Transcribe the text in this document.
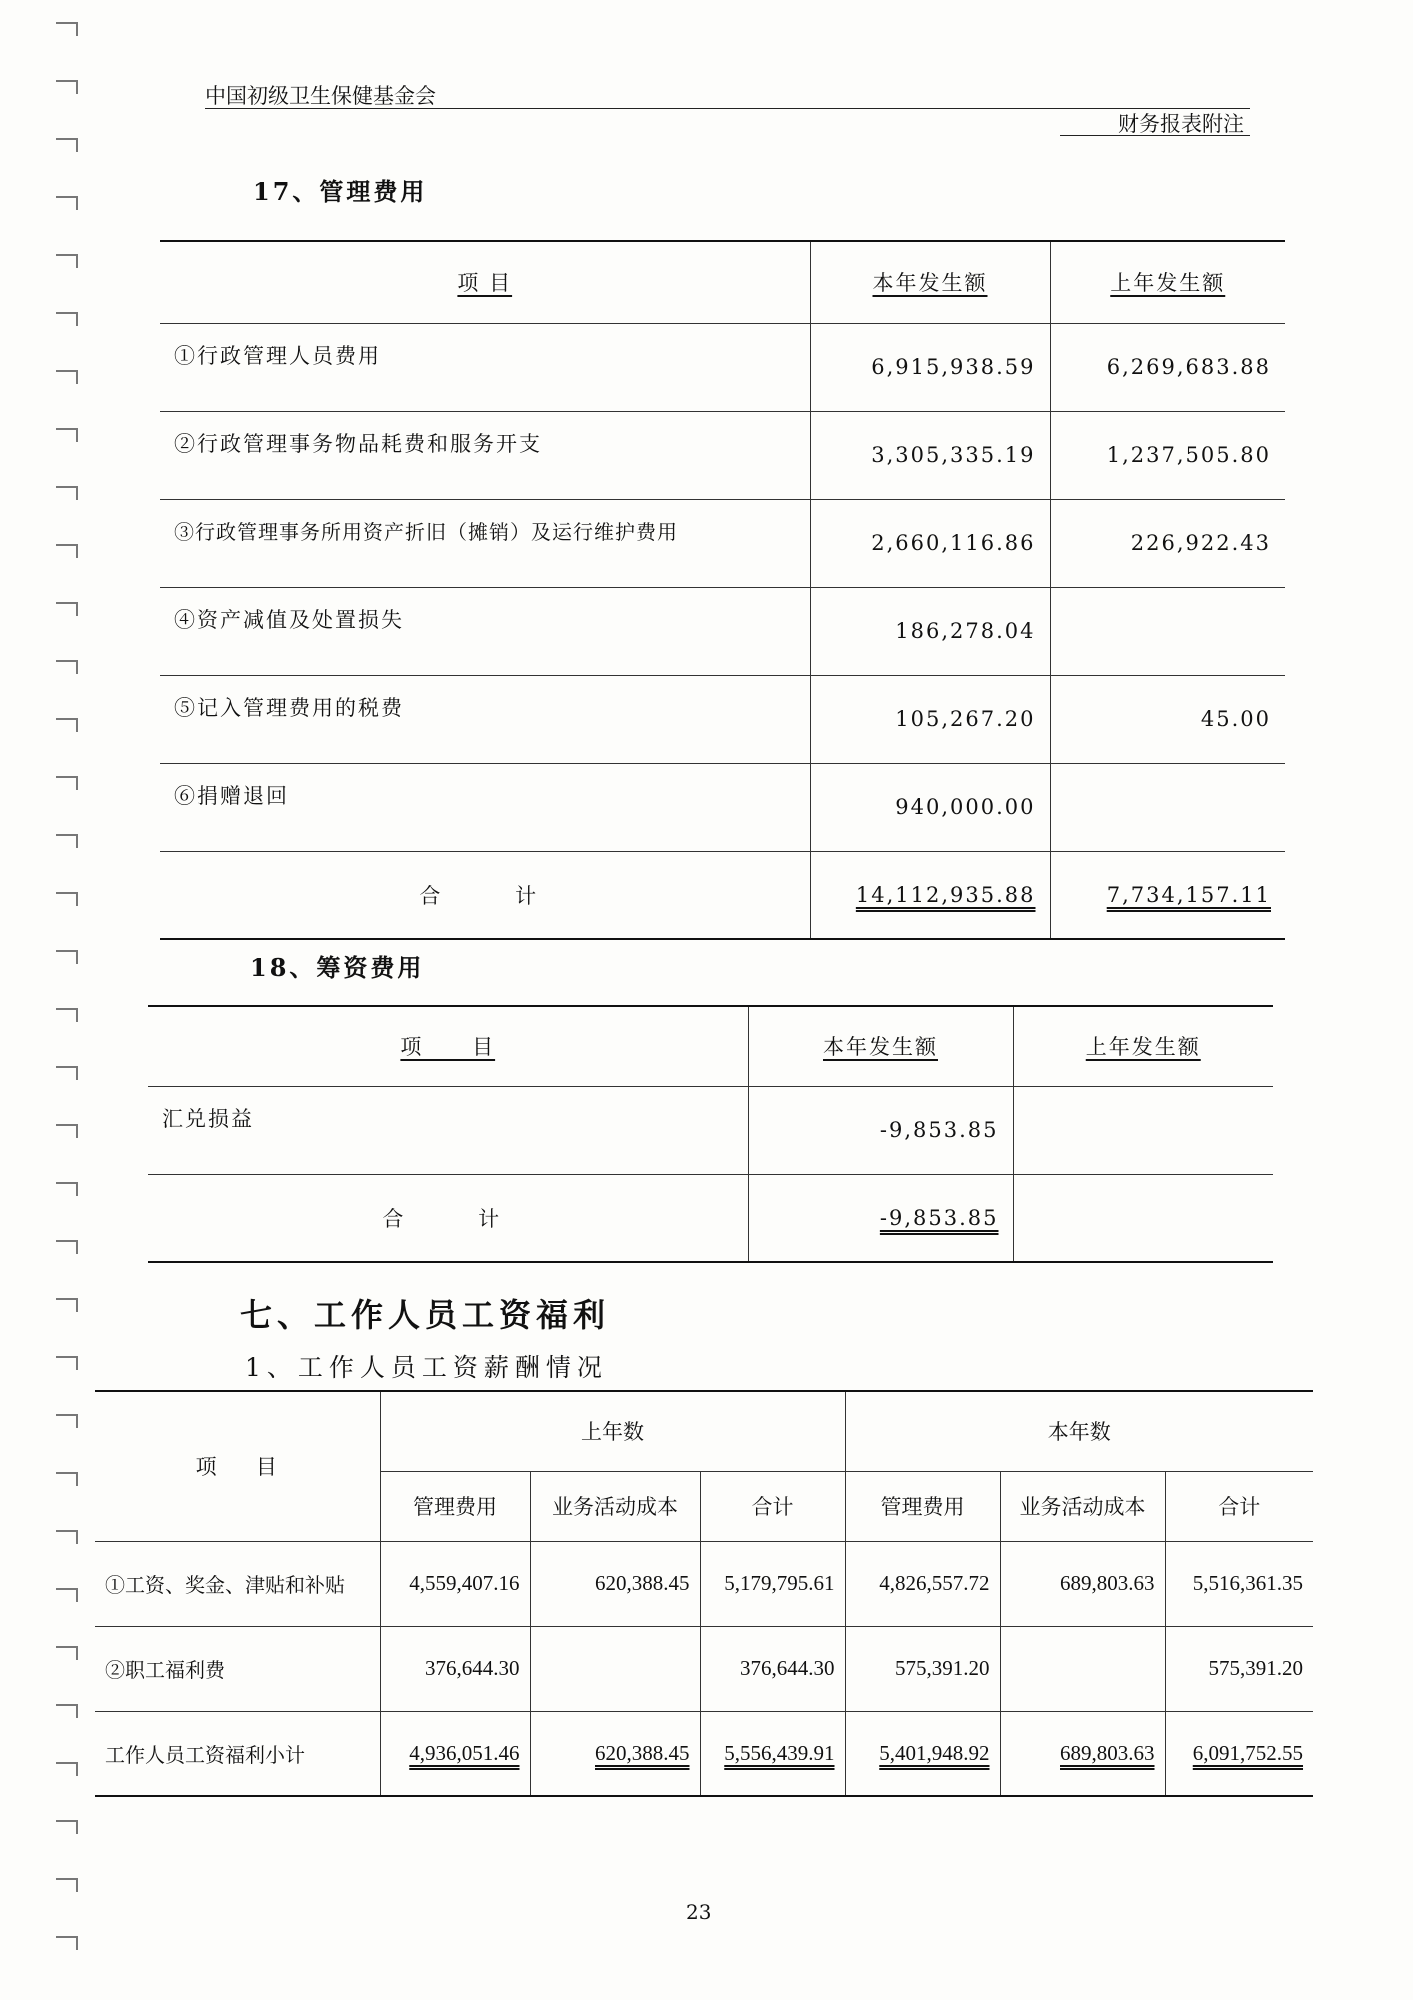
中国初级卫生保健基金会
财务报表附注
17、管理费用
项 目	本年发生额	上年发生额
①行政管理人员费用	6,915,938.59	6,269,683.88
②行政管理事务物品耗费和服务开支	3,305,335.19	1,237,505.80
③行政管理事务所用资产折旧（摊销）及运行维护费用	2,660,116.86	226,922.43
④资产减值及处置损失	186,278.04	
⑤记入管理费用的税费	105,267.20	45.00
⑥捐赠退回	940,000.00	
合 计	14,112,935.88	7,734,157.11
18、筹资费用
项 目	本年发生额	上年发生额
汇兑损益	-9,853.85	
合 计	-9,853.85	
七、工作人员工资福利
1、工作人员工资薪酬情况
项 目	上年数			本年数		
	管理费用	业务活动成本	合计	管理费用	业务活动成本	合计
①工资、奖金、津贴和补贴	4,559,407.16	620,388.45	5,179,795.61	4,826,557.72	689,803.63	5,516,361.35
②职工福利费	376,644.30		376,644.30	575,391.20		575,391.20
工作人员工资福利小计	4,936,051.46	620,388.45	5,556,439.91	5,401,948.92	689,803.63	6,091,752.55
23
